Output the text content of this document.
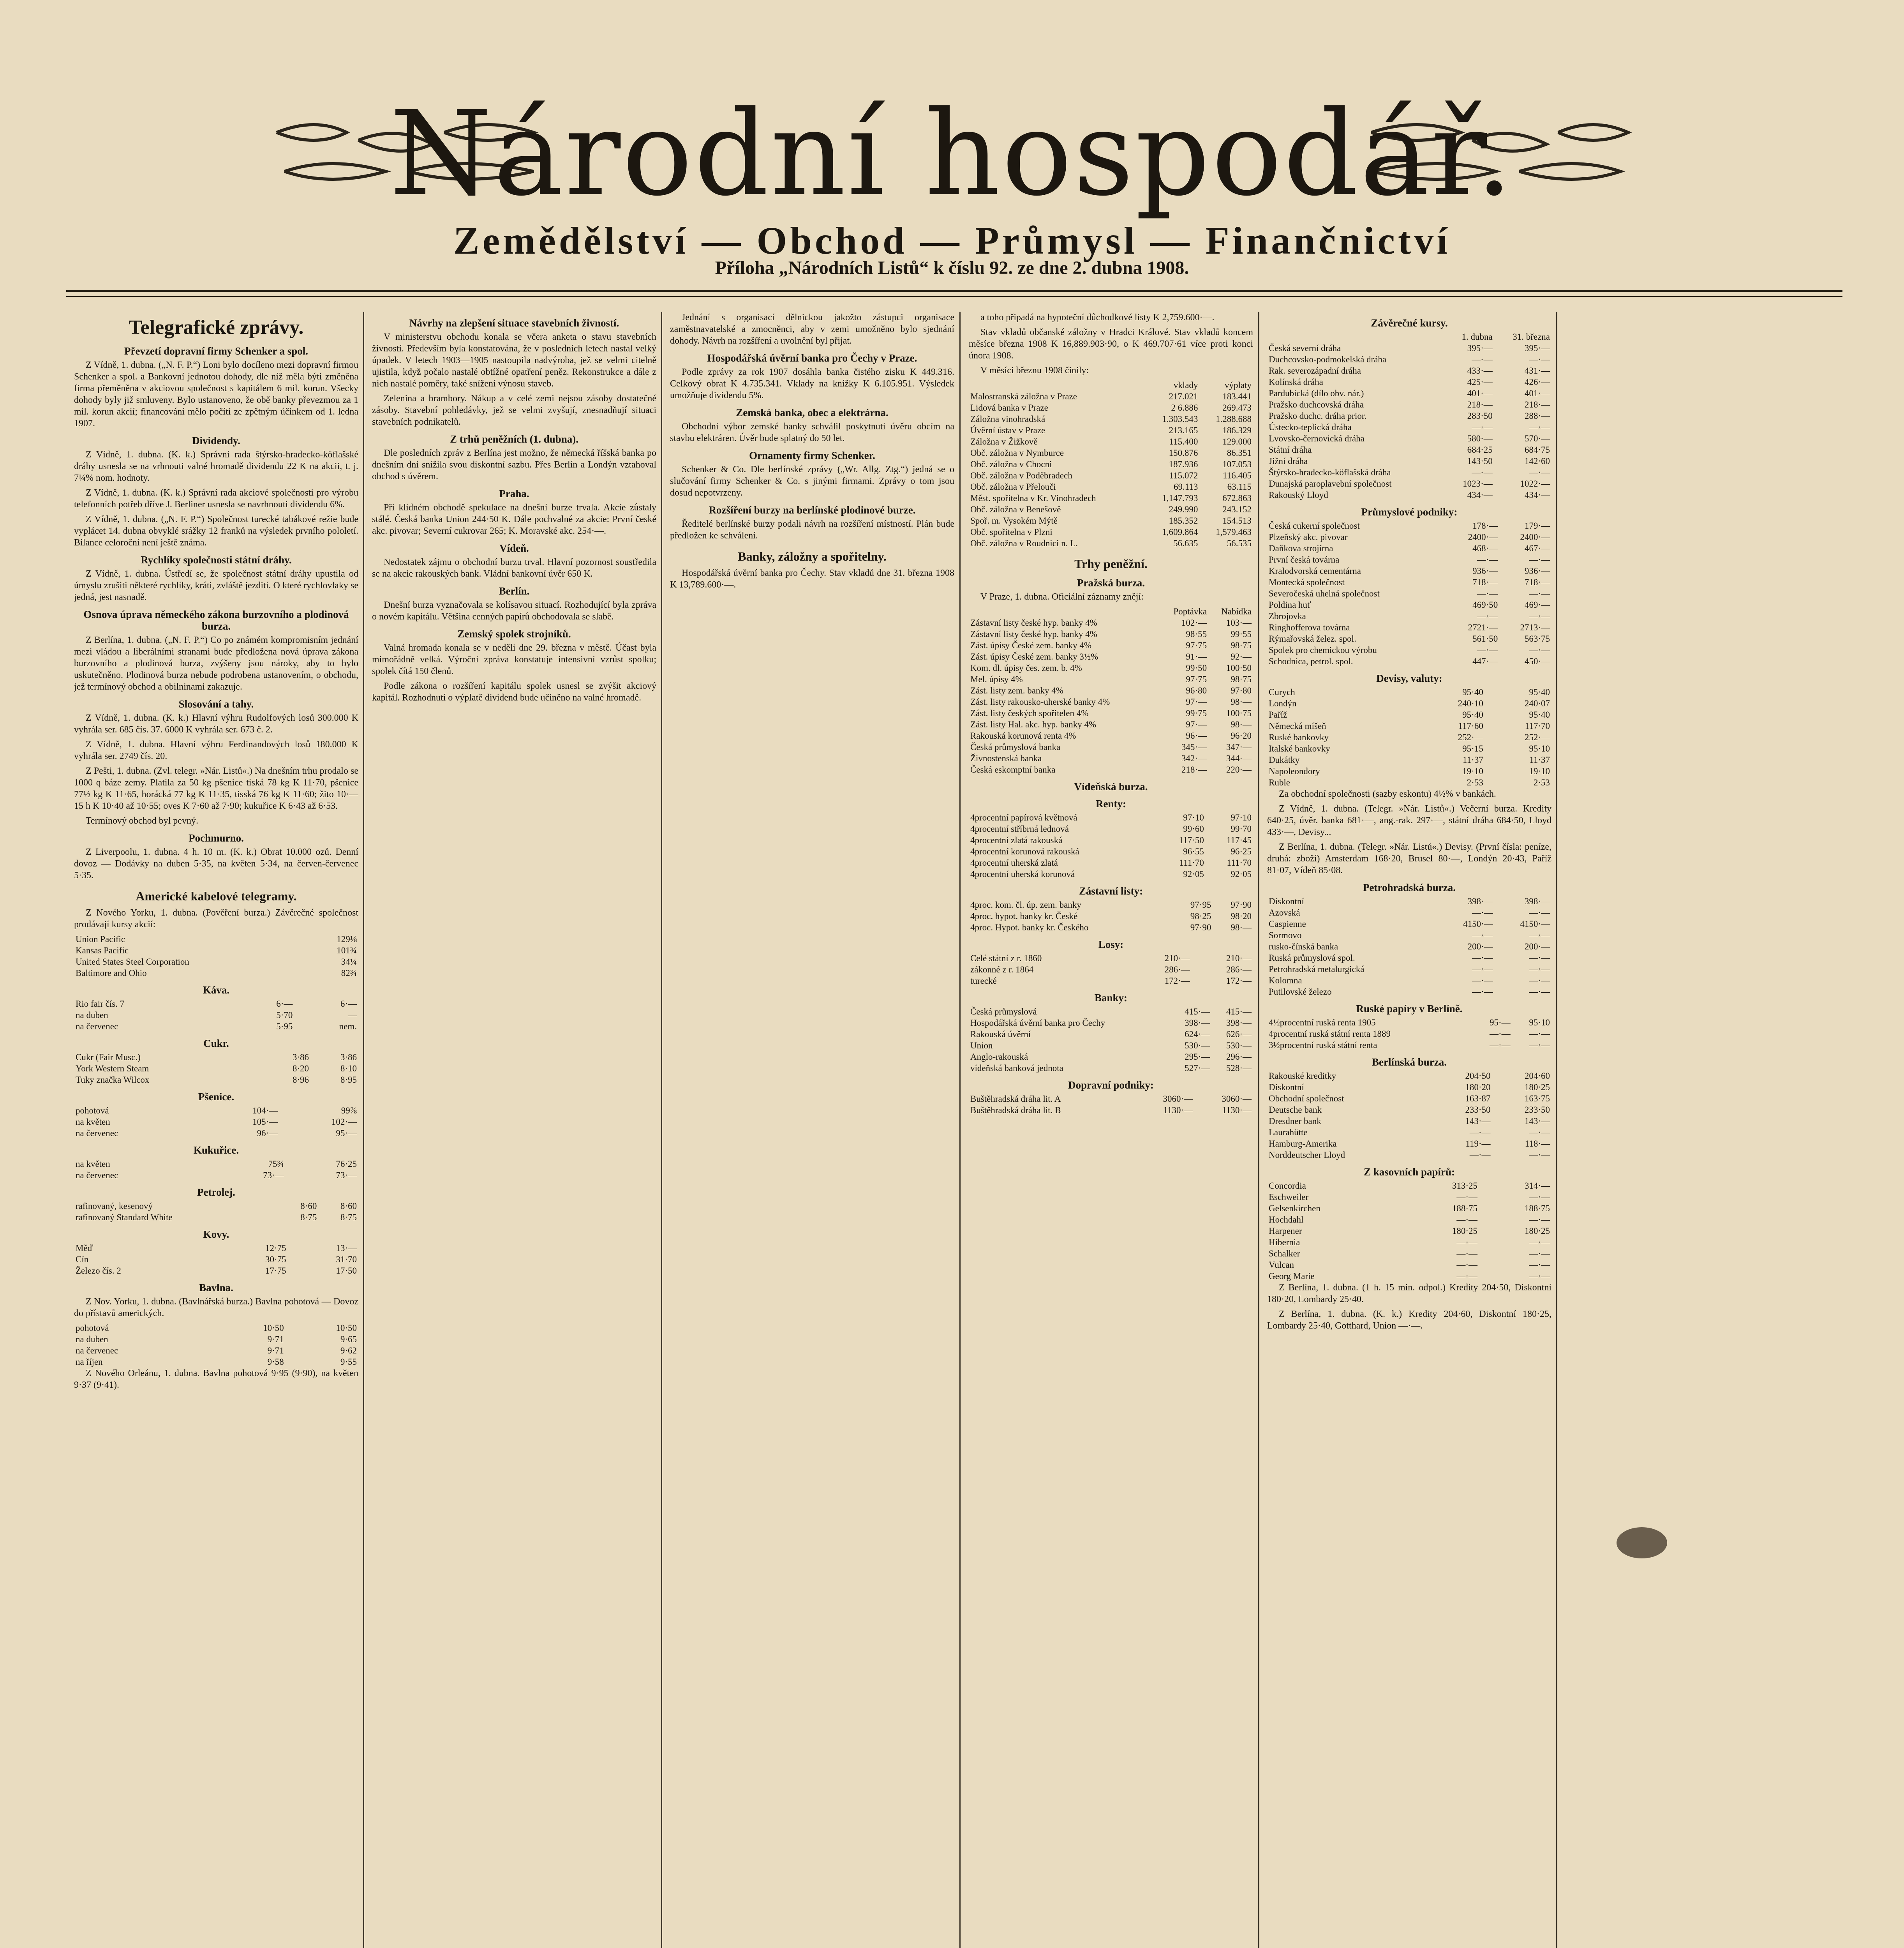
Národní hospodář.
Zemědělství — Obchod — Průmysl — Finančnictví
Příloha „Národních Listů“ k číslu 92. ze dne 2. dubna 1908.
Telegrafické zprávy.

Převzetí dopravní firmy Schenker a spol.

Z Vídně, 1. dubna. („N. F. P.“) Loni bylo docíleno mezi dopravní firmou Schenker a spol. a Bankovní jednotou dohody, dle níž měla býti změněna firma přeměněna v akciovou společnost s kapitálem 6 mil. korun. Všecky dohody byly již smluveny. Bylo ustanoveno, že obě banky převezmou za 1 mil. korun akcií; financování mělo počíti ze zpětným účinkem od 1. ledna 1907.

Dividendy.

Z Vídně, 1. dubna. (K. k.) Správní rada štýrsko-hradecko-köflašské dráhy usnesla se na vrhnouti valné hromadě dividendu 22 K na akcii, t. j. 7¼% nom. hodnoty.

Z Vídně, 1. dubna. (K. k.) Správní rada akciové společnosti pro výrobu telefonních potřeb dříve J. Berliner usnesla se navrhnouti dividendu 6%.

Z Vídně, 1. dubna. („N. F. P.“) Společnost turecké tabákové režie bude vyplácet 14. dubna obvyklé srážky 12 franků na výsledek prvního pololetí. Bilance celoroční není ještě známa.

Rychlíky společnosti státní dráhy.

Z Vídně, 1. dubna. Ústředí se, že společnost státní dráhy upustila od úmyslu zrušiti některé rychlíky, kráti, zvláště jezdití. O které rychlovlaky se jedná, jest nasnadě.

Osnova úprava německého zákona burzovního a plodinová burza.

Z Berlína, 1. dubna. („N. F. P.“) Co po známém kompromisním jednání mezi vládou a liberálními stranami bude předložena nová úprava zákona burzovního a plodinová burza, zvýšeny jsou nároky, aby to bylo uskutečněno. Plodinová burza nebude podrobena ustanovením, o obchodu, jež termínový obchod a obilninami zakazuje.

Slosování a tahy.

Z Vídně, 1. dubna. (K. k.) Hlavní výhru Rudolfových losů 300.000 K vyhrála ser. 685 čís. 37. 6000 K vyhrála ser. 673 č. 2.

Z Vídně, 1. dubna. Hlavní výhru Ferdinandových losů 180.000 K vyhrála ser. 2749 čís. 20.

Z Pešti, 1. dubna. (Zvl. telegr. »Nár. Listů«.) Na dnešním trhu prodalo se 1000 q báze zemy. Platila za 50 kg pšenice tiská 78 kg K 11·70, pšenice 77½ kg K 11·65, horácká 77 kg K 11·35, tisská 76 kg K 11·60; žito 10·—15 h K 10·40 až 10·55; oves K 7·60 až 7·90; kukuřice K 6·43 až 6·53.

Termínový obchod byl pevný.

Pochmurno.

Z Liverpoolu, 1. dubna. 4 h. 10 m. (K. k.) Obrat 10.000 ozů. Denní dovoz — Dodávky na duben 5·35, na květen 5·34, na červen-červenec 5·35.

Americké kabelové telegramy.

Z Nového Yorku, 1. dubna. (Pověření burza.) Závěrečné společnost prodávají kursy akcií:

Union Pacific	129⅛
Kansas Pacific	101¾
United States Steel Corporation	34¼
Baltimore and Ohio	82¾

Káva.

Rio fair čís. 7	6·—	6·—
na duben	5·70	—
na červenec	5·95	nem.

Cukr.

Cukr (Fair Musc.)	3·86	3·86
York Western Steam	8·20	8·10
Tuky značka Wilcox	8·96	8·95

Pšenice.

pohotová	104·—	99⅞
na květen	105·—	102·—
na červenec	96·—	95·—

Kukuřice.

na květen	75¾	76·25
na červenec	73·—	73·—

Petrolej.

rafinovaný, kesenový	8·60	8·60
rafinovaný Standard White	8·75	8·75

Kovy.

Měď	12·75	13·—
Cín	30·75	31·70
Železo čís. 2	17·75	17·50

Bavlna.

Z Nov. Yorku, 1. dubna. (Bavlnářská burza.) Bavlna pohotová — Dovoz do přístavů amerických.

pohotová	10·50	10·50
na duben	9·71	9·65
na červenec	9·71	9·62
na říjen	9·58	9·55

Z Nového Orleánu, 1. dubna. Bavlna pohotová 9·95 (9·90), na květen 9·37 (9·41).

Návrhy na zlepšení situace stavebních živností.

V ministerstvu obchodu konala se včera anketa o stavu stavebních živností. Především byla konstatována, že v posledních letech nastal velký úpadek. V letech 1903—1905 nastoupila nadvýroba, jež se velmi citelně ujistila, když počalo nastalé obtížné opatření peněz. Rekonstrukce a dále z nich nastalé poměry, také snížení výnosu staveb.

Zelenina a brambory. Nákup a v celé zemi nejsou zásoby dostatečné zásoby. Stavební pohledávky, jež se velmi zvyšují, znesnadňují situaci stavebních podnikatelů.

Z trhů peněžních (1. dubna).

Dle posledních zpráv z Berlína jest možno, že německá říšská banka po dnešním dni snížila svou diskontní sazbu. Přes Berlín a Londýn vztahoval obchod s úvěrem.

Praha.

Při klidném obchodě spekulace na dnešní burze trvala. Akcie zůstaly stálé. Česká banka Union 244·50 K. Dále pochvalné za akcie: První české akc. pivovar; Severní cukrovar 265; K. Moravské akc. 254·—.

Vídeň.

Nedostatek zájmu o obchodní burzu trval. Hlavní pozornost soustředila se na akcie rakouských bank. Vládní bankovní úvěr 650 K.

Berlín.

Dnešní burza vyznačovala se kolísavou situací. Rozhodující byla zpráva o novém kapitálu. Většina cenných papírů obchodovala se slabě.

Zemský spolek strojníků.

Valná hromada konala se v neděli dne 29. března v městě. Účast byla mimořádně velká. Výroční zpráva konstatuje intensivní vzrůst spolku; spolek čítá 150 členů.

Podle zákona o rozšíření kapitálu spolek usnesl se zvýšit akciový kapitál. Rozhodnutí o výplatě dividend bude učiněno na valné hromadě.

Jednání s organisací dělnickou jakožto zástupci organisace zaměstnavatelské a zmocněnci, aby v zemi umožněno bylo sjednání dohody. Návrh na rozšíření a uvolnění byl přijat.

Hospodářská úvěrní banka pro Čechy v Praze.

Podle zprávy za rok 1907 dosáhla banka čistého zisku K 449.316. Celkový obrat K 4.735.341. Vklady na knížky K 6.105.951. Výsledek umožňuje dividendu 5%.

Zemská banka, obec a elektrárna.

Obchodní výbor zemské banky schválil poskytnutí úvěru obcím na stavbu elektráren. Úvěr bude splatný do 50 let.

Ornamenty firmy Schenker.

Schenker & Co. Dle berlínské zprávy („Wr. Allg. Ztg.“) jedná se o slučování firmy Schenker & Co. s jinými firmami. Zprávy o tom jsou dosud nepotvrzeny.

Rozšíření burzy na berlínské plodinové burze.

Ředitelé berlínské burzy podali návrh na rozšíření místností. Plán bude předložen ke schválení.

Banky, záložny a spořitelny.

Hospodářská úvěrní banka pro Čechy. Stav vkladů dne 31. března 1908 K 13,789.600·—.

a toho připadá na hypoteční důchodkové listy K 2,759.600·—.

Stav vkladů občanské záložny v Hradci Králové. Stav vkladů koncem měsíce března 1908 K 16,889.903·90, o K 469.707·61 více proti konci února 1908.

V měsíci březnu 1908 činily:

	vklady	výplaty
Malostranská záložna v Praze	217.021	183.441
Lidová banka v Praze	2 6.886	269.473
Záložna vinohradská	1.303.543	1.288.688
Úvěrní ústav v Praze	213.165	186.329
Záložna v Žižkově	115.400	129.000
Obč. záložna v Nymburce	150.876	86.351
Obč. záložna v Chocni	187.936	107.053
Obč. záložna v Poděbradech	115.072	116.405
Obč. záložna v Přelouči	69.113	63.115
Měst. spořitelna v Kr. Vinohradech	1,147.793	672.863
Obč. záložna v Benešově	249.990	243.152
Spoř. m. Vysokém Mýtě	185.352	154.513
Obč. spořitelna v Plzni	1,609.864	1,579.463
Obč. záložna v Roudnici n. L.	56.635	56.535
Trhy peněžní.

Pražská burza.

V Praze, 1. dubna. Oficiální záznamy znějí:

	Poptávka	Nabídka
Zástavní listy české hyp. banky 4%	102·—	103·—
Zástavní listy české hyp. banky 4%	98·55	99·55
Zást. úpisy České zem. banky 4%	97·75	98·75
Zást. úpisy České zem. banky 3½%	91·—	92·—
Kom. dl. úpisy čes. zem. b. 4%	99·50	100·50
Mel. úpisy 4%	97·75	98·75
Zást. listy zem. banky 4%	96·80	97·80
Zást. listy rakousko-uherské banky 4%	97·—	98·—
Zást. listy českých spořitelen 4%	99·75	100·75
Zást. listy Hal. akc. hyp. banky 4%	97·—	98·—
Rakouská korunová renta 4%	96·—	96·20
Česká průmyslová banka	345·—	347·—
Živnostenská banka	342·—	344·—
Česká eskomptní banka	218·—	220·—

Vídeňská burza.

Renty:

4procentní papírová květnová	97·10	97·10
4procentní stříbrná lednová	99·60	99·70
4procentní zlatá rakouská	117·50	117·45
4procentní korunová rakouská	96·55	96·25
4procentní uherská zlatá	111·70	111·70
4procentní uherská korunová	92·05	92·05

Zástavní listy:

4proc. kom. čl. úp. zem. banky	97·95	97·90
4proc. hypot. banky kr. České	98·25	98·20
4proc. Hypot. banky kr. Českého	97·90	98·—

Losy:

Celé státní z r. 1860	210·—	210·—
zákonné z r. 1864	286·—	286·—
turecké	172·—	172·—

Banky:

Česká průmyslová	415·—	415·—
Hospodářská úvěrní banka pro Čechy	398·—	398·—
Rakouská úvěrní	624·—	626·—
Union	530·—	530·—
Anglo-rakouská	295·—	296·—
vídeňská banková jednota	527·—	528·—

Dopravní podniky:

Buštěhradská dráha lit. A	3060·—	3060·—
Buštěhradská dráha lit. B	1130·—	1130·—

Závěrečné kursy.

	1. dubna	31. března
Česká severní dráha	395·—	395·—
Duchcovsko-podmokelská dráha	—·—	—·—
Rak. severozápadní dráha	433·—	431·—
Kolínská dráha	425·—	426·—
Pardubická (dílo obv. nár.)	401·—	401·—
Pražsko duchcovská dráha	218·—	218·—
Pražsko duchc. dráha prior.	283·50	288·—
Ústecko-teplická dráha	—·—	—·—
Lvovsko-černovická dráha	580·—	570·—
Státní dráha	684·25	684·75
Jižní dráha	143·50	142·60
Štýrsko-hradecko-köflašská dráha	—·—	—·—
Dunajská paroplavební společnost	1023·—	1022·—
Rakouský Lloyd	434·—	434·—

Průmyslové podniky:

Česká cukerní společnost	178·—	179·—
Plzeňský akc. pivovar	2400·—	2400·—
Daňkova strojírna	468·—	467·—
První česká továrna	—·—	—·—
Kralodvorská cementárna	936·—	936·—
Montecká společnost	718·—	718·—
Severočeská uhelná společnost	—·—	—·—
Poldina huť	469·50	469·—
Zbrojovka	—·—	—·—
Ringhofferova továrna	2721·—	2713·—
Rýmařovská želez. spol.	561·50	563·75
Spolek pro chemickou výrobu	—·—	—·—
Schodnica, petrol. spol.	447·—	450·—

Devisy, valuty:

Curych	95·40	95·40
Londýn	240·10	240·07
Paříž	95·40	95·40
Německá míšeň	117·60	117·70
Ruské bankovky	252·—	252·—
Italské bankovky	95·15	95·10
Dukátky	11·37	11·37
Napoleondory	19·10	19·10
Ruble	2·53	2·53

Za obchodní společnosti (sazby eskontu) 4½% v bankách.

Z Vídně, 1. dubna. (Telegr. »Nár. Listů«.) Večerní burza. Kredity 640·25, úvěr. banka 681·—, ang.-rak. 297·—, státní dráha 684·50, Lloyd 433·—, Devisy...

Z Berlína, 1. dubna. (Telegr. »Nár. Listů«.) Devisy. (První čísla: peníze, druhá: zboží) Amsterdam 168·20, Brusel 80·—, Londýn 20·43, Paříž 81·07, Vídeň 85·08.

Petrohradská burza.

Diskontní	398·—	398·—
Azovská	—·—	—·—
Caspienne	4150·—	4150·—
Sormovo	—·—	—·—
rusko-čínská banka	200·—	200·—
Ruská průmyslová spol.	—·—	—·—
Petrohradská metalurgická	—·—	—·—
Kolomna	—·—	—·—
Putilovské železo	—·—	—·—

Ruské papíry v Berlíně.

4½procentní ruská renta 1905	95·—	95·10
4procentní ruská státní renta 1889	—·—	—·—
3½procentní ruská státní renta	—·—	—·—

Berlínská burza.

Rakouské kreditky	204·50	204·60
Diskontní	180·20	180·25
Obchodní společnost	163·87	163·75
Deutsche bank	233·50	233·50
Dresdner bank	143·—	143·—
Laurahütte	—·—	—·—
Hamburg-Amerika	119·—	118·—
Norddeutscher Lloyd	—·—	—·—

Z kasovních papírů:

Concordia	313·25	314·—
Eschweiler	—·—	—·—
Gelsenkirchen	188·75	188·75
Hochdahl	—·—	—·—
Harpener	180·25	180·25
Hibernia	—·—	—·—
Schalker	—·—	—·—
Vulcan	—·—	—·—
Georg Marie	—·—	—·—

Z Berlína, 1. dubna. (1 h. 15 min. odpol.) Kredity 204·50, Diskontní 180·20, Lombardy 25·40.

Z Berlína, 1. dubna. (K. k.) Kredity 204·60, Diskontní 180·25, Lombardy 25·40, Gotthard, Union —·—.
